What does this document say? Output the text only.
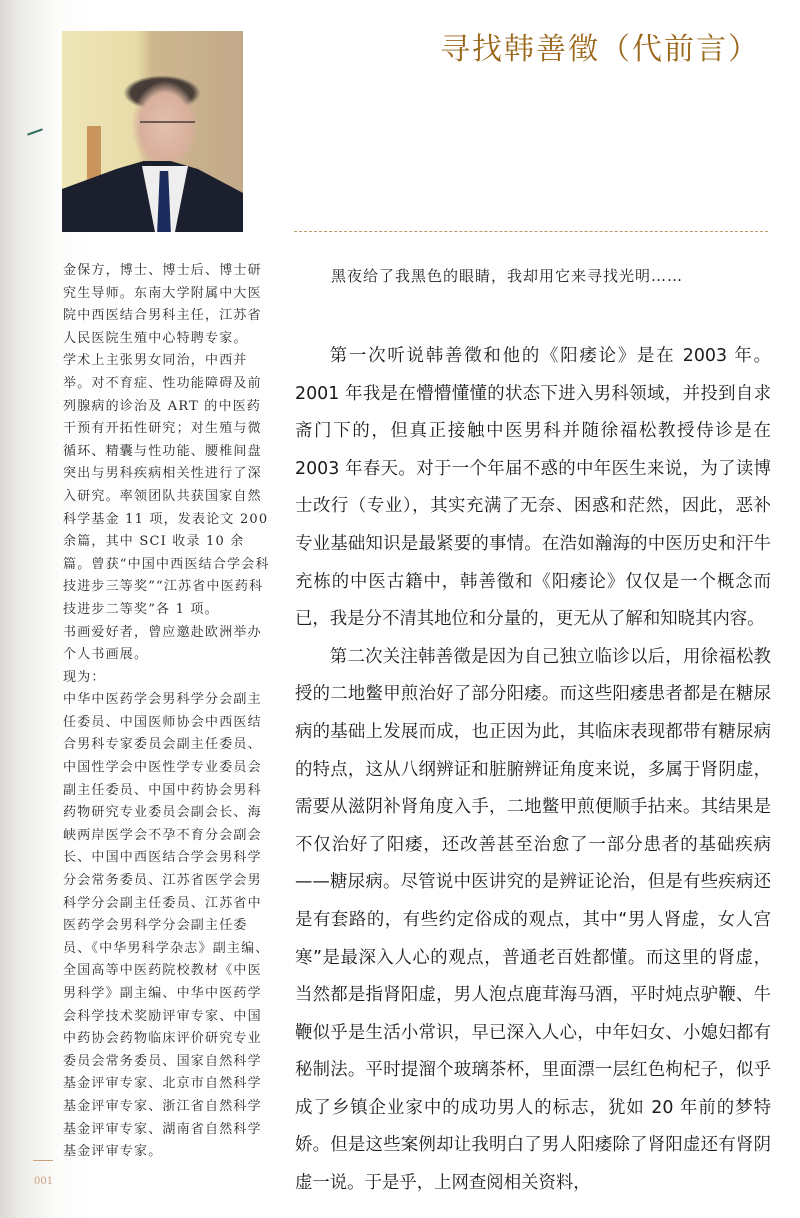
寻找韩善徵（代前言）

金保方，博士、博士后、博士研究生导师。东南大学附属中大医院中西医结合男科主任，江苏省人民医院生殖中心特聘专家。

学术上主张男女同治，中西并举。对不育症、性功能障碍及前列腺病的诊治及 ART 的中医药干预有开拓性研究；对生殖与微循环、精囊与性功能、腰椎间盘突出与男科疾病相关性进行了深入研究。率领团队共获国家自然科学基金 11 项，发表论文 200 余篇，其中 SCI 收录 10 余篇。曾获“中国中西医结合学会科技进步三等奖”“江苏省中医药科技进步二等奖”各 1 项。

书画爱好者，曾应邀赴欧洲举办个人书画展。

现为：

中华中医药学会男科学分会副主任委员、中国医师协会中西医结合男科专家委员会副主任委员、中国性学会中医性学专业委员会副主任委员、中国中药协会男科药物研究专业委员会副会长、海峡两岸医学会不孕不育分会副会长、中国中西医结合学会男科学分会常务委员、江苏省医学会男科学分会副主任委员、江苏省中医药学会男科学分会副主任委员、《中华男科学杂志》副主编、全国高等中医药院校教材《中医男科学》副主编、中华中医药学会科学技术奖励评审专家、中国中药协会药物临床评价研究专业委员会常务委员、国家自然科学基金评审专家、北京市自然科学基金评审专家、浙江省自然科学基金评审专家、湖南省自然科学基金评审专家。

黑夜给了我黑色的眼睛，我却用它来寻找光明……

第一次听说韩善徵和他的《阳痿论》是在 2003 年。2001 年我是在懵懵懂懂的状态下进入男科领域，并投到自求斋门下的，但真正接触中医男科并随徐福松教授侍诊是在 2003 年春天。对于一个年届不惑的中年医生来说，为了读博士改行（专业），其实充满了无奈、困惑和茫然，因此，恶补专业基础知识是最紧要的事情。在浩如瀚海的中医历史和汗牛充栋的中医古籍中，韩善徵和《阳痿论》仅仅是一个概念而已，我是分不清其地位和分量的，更无从了解和知晓其内容。

第二次关注韩善徵是因为自己独立临诊以后，用徐福松教授的二地鳖甲煎治好了部分阳痿。而这些阳痿患者都是在糖尿病的基础上发展而成，也正因为此，其临床表现都带有糖尿病的特点，这从八纲辨证和脏腑辨证角度来说，多属于肾阴虚，需要从滋阴补肾角度入手，二地鳖甲煎便顺手拈来。其结果是不仅治好了阳痿，还改善甚至治愈了一部分患者的基础疾病——糖尿病。尽管说中医讲究的是辨证论治，但是有些疾病还是有套路的，有些约定俗成的观点，其中“男人肾虚，女人宫寒”是最深入人心的观点，普通老百姓都懂。而这里的肾虚，当然都是指肾阳虚，男人泡点鹿茸海马酒，平时炖点驴鞭、牛鞭似乎是生活小常识，早已深入人心，中年妇女、小媳妇都有秘制法。平时提溜个玻璃茶杯，里面漂一层红色枸杞子，似乎成了乡镇企业家中的成功男人的标志，犹如 20 年前的梦特娇。但是这些案例却让我明白了男人阳痿除了肾阳虚还有肾阴虚一说。于是乎，上网查阅相关资料，

001
